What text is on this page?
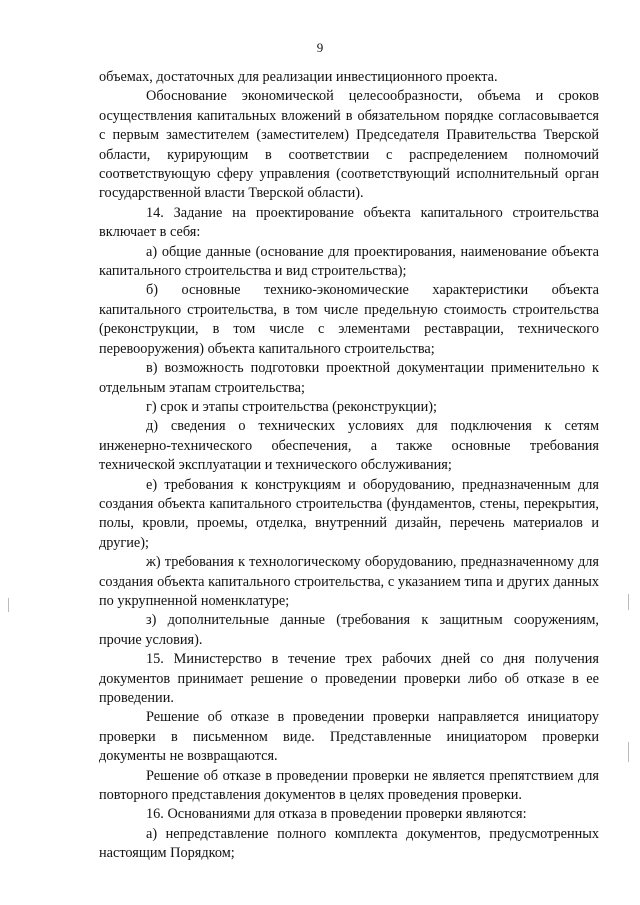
9

объемах, достаточных для реализации инвестиционного проекта.

Обоснование экономической целесообразности, объема и сроков осуществления капитальных вложений в обязательном порядке согласовывается с первым заместителем (заместителем) Председателя Правительства Тверской области, курирующим в соответствии с распределением полномочий соответствующую сферу управления (соответствующий исполнительный орган государственной власти Тверской области).

14. Задание на проектирование объекта капитального строительства включает в себя:

а) общие данные (основание для проектирования, наименование объекта капитального строительства и вид строительства);

б) основные технико-экономические характеристики объекта капитального строительства, в том числе предельную стоимость строительства (реконструкции, в том числе с элементами реставрации, технического перевооружения) объекта капитального строительства;

в) возможность подготовки проектной документации применительно к отдельным этапам строительства;

г) срок и этапы строительства (реконструкции);

д) сведения о технических условиях для подключения к сетям инженерно-технического обеспечения, а также основные требования технической эксплуатации и технического обслуживания;

е) требования к конструкциям и оборудованию, предназначенным для создания объекта капитального строительства (фундаментов, стены, перекрытия, полы, кровли, проемы, отделка, внутренний дизайн, перечень материалов и другие);

ж) требования к технологическому оборудованию, предназначенному для создания объекта капитального строительства, с указанием типа и других данных по укрупненной номенклатуре;

з) дополнительные данные (требования к защитным сооружениям, прочие условия).

15. Министерство в течение трех рабочих дней со дня получения документов принимает решение о проведении проверки либо об отказе в ее проведении.

Решение об отказе в проведении проверки направляется инициатору проверки в письменном виде. Представленные инициатором проверки документы не возвращаются.

Решение об отказе в проведении проверки не является препятствием для повторного представления документов в целях проведения проверки.

16. Основаниями для отказа в проведении проверки являются:

а) непредставление полного комплекта документов, предусмотренных настоящим Порядком;
